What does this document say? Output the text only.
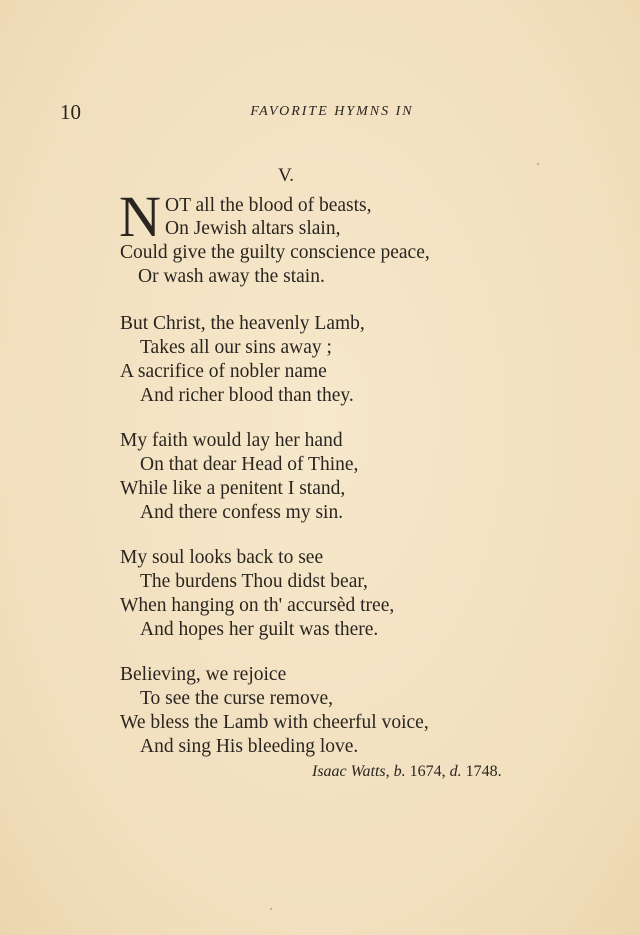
10	FAVORITE HYMNS IN
V.
N OT all the blood of beasts,
On Jewish altars slain,
Could give the guilty conscience peace,
Or wash away the stain.
But Christ, the heavenly Lamb,
Takes all our sins away ;
A sacrifice of nobler name
And richer blood than they.
My faith would lay her hand
On that dear Head of Thine,
While like a penitent I stand,
And there confess my sin.
My soul looks back to see
The burdens Thou didst bear,
When hanging on th' accursèd tree,
And hopes her guilt was there.
Believing, we rejoice
To see the curse remove,
We bless the Lamb with cheerful voice,
And sing His bleeding love.
Isaac Watts, b. 1674, d. 1748.
